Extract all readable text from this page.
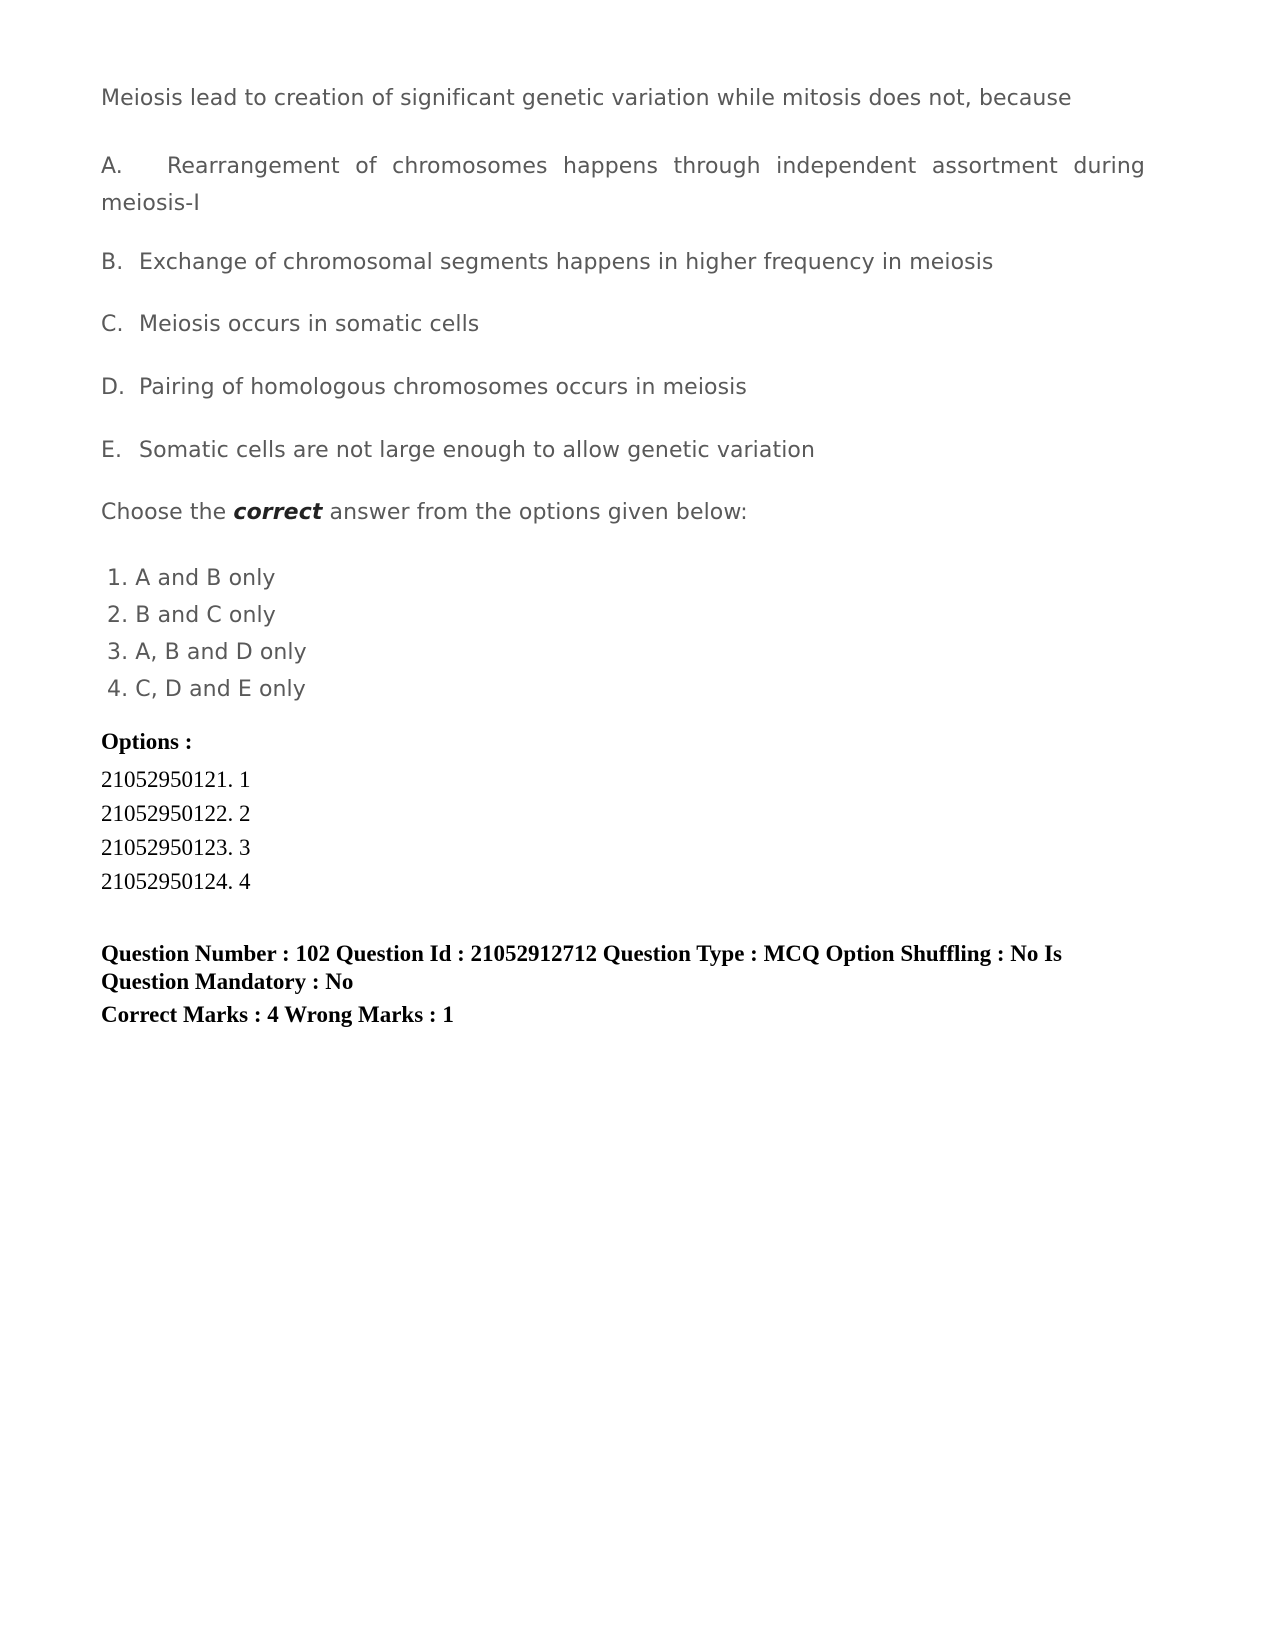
Meiosis lead to creation of significant genetic variation while mitosis does not, because
A. Rearrangement of chromosomes happens through independent assortment during
meiosis-I
B. Exchange of chromosomal segments happens in higher frequency in meiosis
C. Meiosis occurs in somatic cells
D. Pairing of homologous chromosomes occurs in meiosis
E. Somatic cells are not large enough to allow genetic variation
Choose the correct answer from the options given below:
1. A and B only
2. B and C only
3. A, B and D only
4. C, D and E only
Options :
21052950121. 1
21052950122. 2
21052950123. 3
21052950124. 4
Question Number : 102 Question Id : 21052912712 Question Type : MCQ Option Shuffling : No Is Question Mandatory : No
Correct Marks : 4 Wrong Marks : 1
